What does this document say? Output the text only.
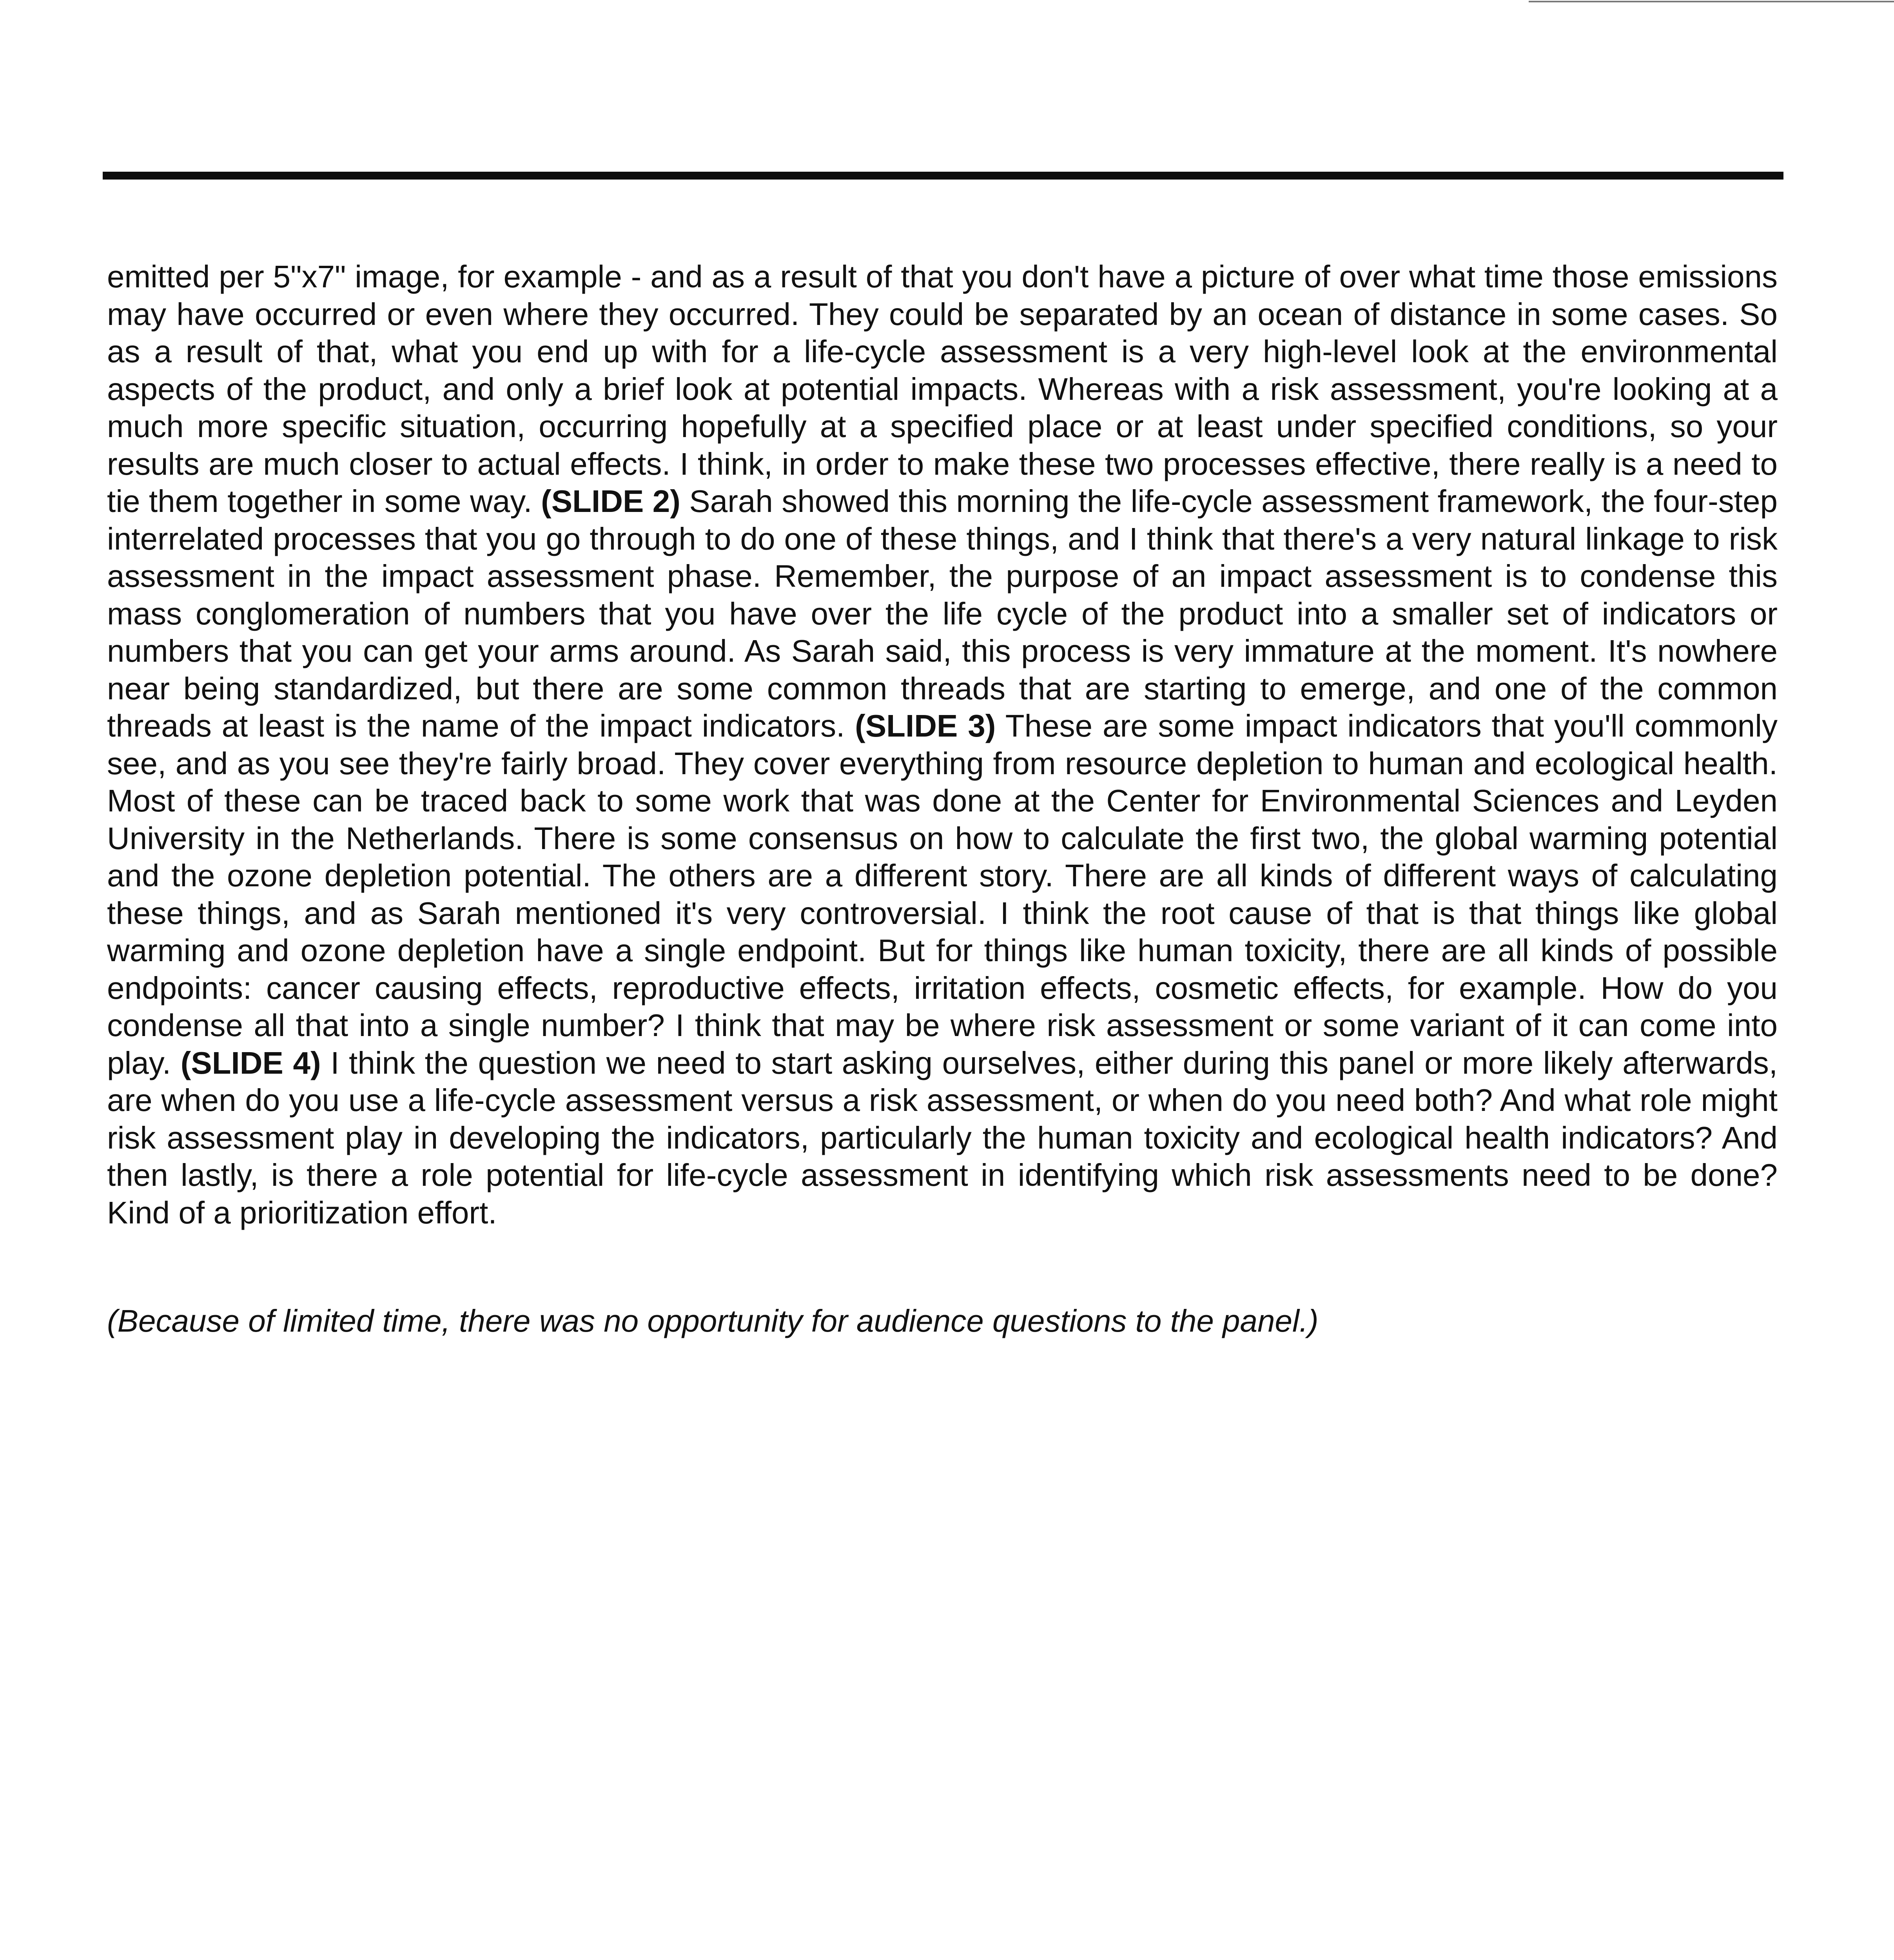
emitted per 5"x7" image, for example - and as a result of that you don't have a picture of over what time those emissions may have occurred or even where they occurred. They could be separated by an ocean of distance in some cases. So as a result of that, what you end up with for a life-cycle assessment is a very high-level look at the environmental aspects of the product, and only a brief look at potential impacts. Whereas with a risk assessment, you're looking at a much more specific situation, occurring hopefully at a specified place or at least under specified conditions, so your results are much closer to actual effects. I think, in order to make these two processes effective, there really is a need to tie them together in some way. (SLIDE 2) Sarah showed this morning the life-cycle assessment framework, the four-step interrelated processes that you go through to do one of these things, and I think that there's a very natural linkage to risk assessment in the impact assessment phase. Remember, the purpose of an impact assessment is to condense this mass conglomeration of numbers that you have over the life cycle of the product into a smaller set of indicators or numbers that you can get your arms around. As Sarah said, this process is very immature at the moment. It's nowhere near being standardized, but there are some common threads that are starting to emerge, and one of the common threads at least is the name of the impact indicators. (SLIDE 3) These are some impact indicators that you'll commonly see, and as you see they're fairly broad. They cover everything from resource depletion to human and ecological health. Most of these can be traced back to some work that was done at the Center for Environmental Sciences and Leyden University in the Netherlands. There is some consensus on how to calculate the first two, the global warming potential and the ozone depletion potential. The others are a different story. There are all kinds of different ways of calculating these things, and as Sarah mentioned it's very controversial. I think the root cause of that is that things like global warming and ozone depletion have a single endpoint. But for things like human toxicity, there are all kinds of possible endpoints: cancer causing effects, reproductive effects, irritation effects, cosmetic effects, for example. How do you condense all that into a single number? I think that may be where risk assessment or some variant of it can come into play. (SLIDE 4) I think the question we need to start asking ourselves, either during this panel or more likely afterwards, are when do you use a life-cycle assessment versus a risk assessment, or when do you need both? And what role might risk assessment play in developing the indicators, particularly the human toxicity and ecological health indicators? And then lastly, is there a role potential for life-cycle assessment in identifying which risk assessments need to be done? Kind of a prioritization effort.

(Because of limited time, there was no opportunity for audience questions to the panel.)
